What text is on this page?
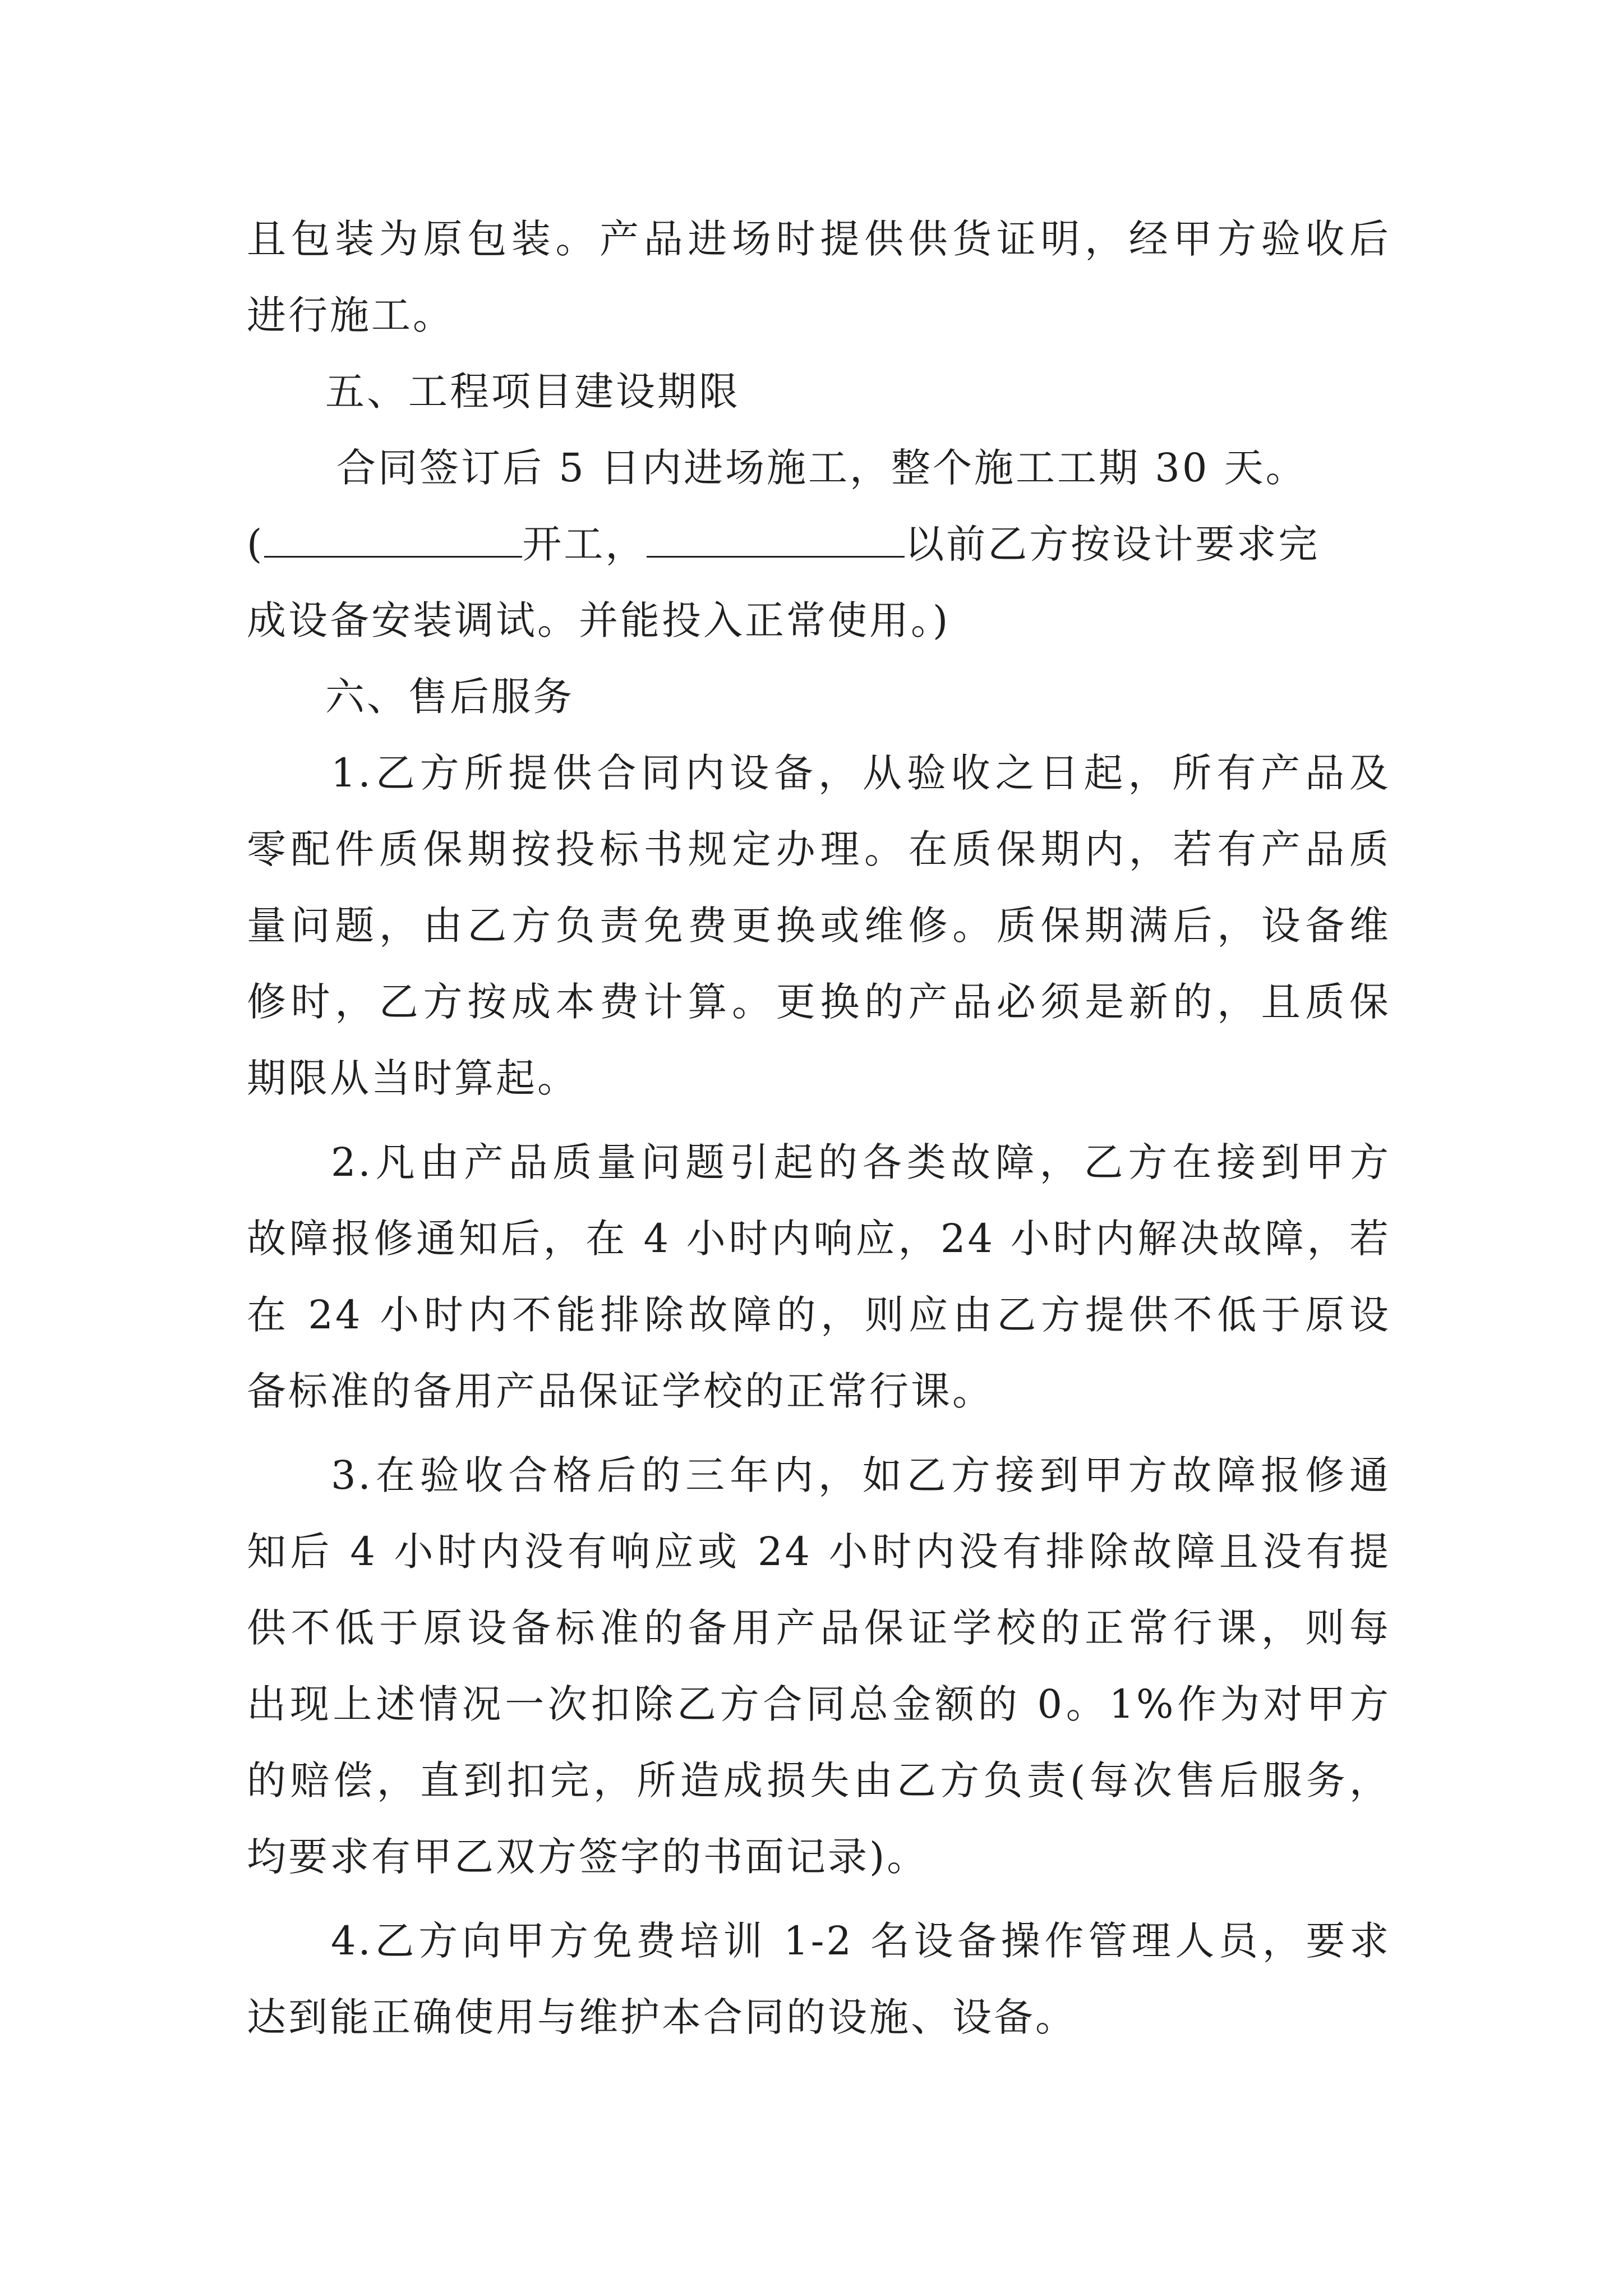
且包装为原包装。产品进场时提供供货证明，经甲方验收后
进行施工。
五、工程项目建设期限
合同签订后 5 日内进场施工，整个施工工期 30 天。
(	开工，	以前乙方按设计要求完
成设备安装调试。并能投入正常使用。)
六、售后服务
1.乙方所提供合同内设备，从验收之日起，所有产品及
零配件质保期按投标书规定办理。在质保期内，若有产品质
量问题，由乙方负责免费更换或维修。质保期满后，设备维
修时，乙方按成本费计算。更换的产品必须是新的，且质保
期限从当时算起。
2.凡由产品质量问题引起的各类故障，乙方在接到甲方
故障报修通知后，在 4 小时内响应，24 小时内解决故障，若
在 24 小时内不能排除故障的，则应由乙方提供不低于原设
备标准的备用产品保证学校的正常行课。
3.在验收合格后的三年内，如乙方接到甲方故障报修通
知后 4 小时内没有响应或 24 小时内没有排除故障且没有提
供不低于原设备标准的备用产品保证学校的正常行课，则每
出现上述情况一次扣除乙方合同总金额的 0。1%作为对甲方
的赔偿，直到扣完，所造成损失由乙方负责(每次售后服务，
均要求有甲乙双方签字的书面记录)。
4.乙方向甲方免费培训 1-2 名设备操作管理人员，要求
达到能正确使用与维护本合同的设施、设备。
